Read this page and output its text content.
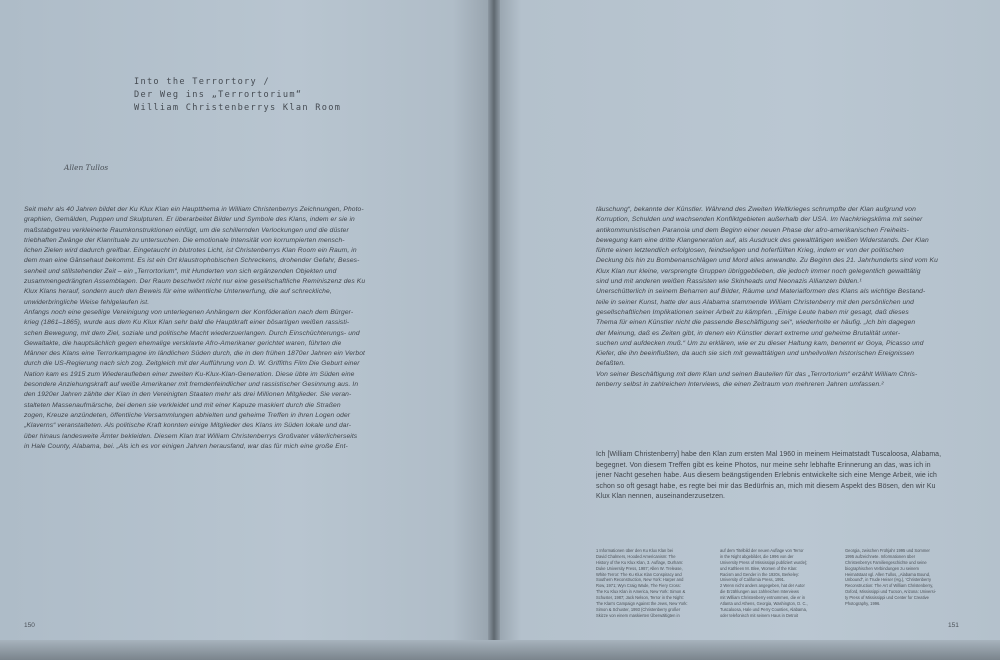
Into the Terrortory /
Der Weg ins „Terrortorium“
William Christenberrys Klan Room
Allen Tullos
Seit mehr als 40 Jahren bildet der Ku Klux Klan ein Hauptthema in William Christenberrys Zeichnungen, Photo-
graphien, Gemälden, Puppen und Skulpturen. Er überarbeitet Bilder und Symbole des Klans, indem er sie in
maßstabgetreu verkleinerte Raumkonstruktionen einfügt, um die schillernden Verlockungen und die düster
triebhaften Zwänge der Klanrituale zu untersuchen. Die emotionale Intensität von korrumpierten mensch-
lichen Zielen wird dadurch greifbar. Eingetaucht in blutrotes Licht, ist Christenberrys Klan Room ein Raum, in
dem man eine Gänsehaut bekommt. Es ist ein Ort klaustrophobischen Schreckens, drohender Gefahr, Beses-
senheit und stillstehender Zeit – ein „Terrortorium“, mit Hunderten von sich ergänzenden Objekten und
zusammengedrängten Assemblagen. Der Raum beschwört nicht nur eine gesellschaftliche Reminiszenz des Ku
Klux Klans herauf, sondern auch den Beweis für eine willentliche Unterwerfung, die auf schreckliche,
unwiderbringliche Weise fehlgelaufen ist.
Anfangs noch eine gesellige Vereinigung von unterlegenen Anhängern der Konföderation nach dem Bürger-
krieg (1861–1865), wurde aus dem Ku Klux Klan sehr bald die Hauptkraft einer bösartigen weißen rassisti-
schen Bewegung, mit dem Ziel, soziale und politische Macht wiederzuerlangen. Durch Einschüchterungs- und
Gewaltakte, die hauptsächlich gegen ehemalige versklavte Afro-Amerikaner gerichtet waren, führten die
Männer des Klans eine Terrorkampagne im ländlichen Süden durch, die in den frühen 1870er Jahren ein Verbot
durch die US-Regierung nach sich zog. Zeitgleich mit der Aufführung von D. W. Griffiths Film Die Geburt einer
Nation kam es 1915 zum Wiederaufleben einer zweiten Ku-Klux-Klan-Generation. Diese übte im Süden eine
besondere Anziehungskraft auf weiße Amerikaner mit fremdenfeindlicher und rassistischer Gesinnung aus. In
den 1920er Jahren zählte der Klan in den Vereinigten Staaten mehr als drei Millionen Mitglieder. Sie veran-
stalteten Massenaufmärsche, bei denen sie verkleidet und mit einer Kapuze maskiert durch die Straßen
zogen, Kreuze anzündeten, öffentliche Versammlungen abhielten und geheime Treffen in ihren Logen oder
„Klaverns“ veranstalteten. Als politische Kraft konnten einige Mitglieder des Klans im Süden lokale und dar-
über hinaus landesweite Ämter bekleiden. Diesem Klan trat William Christenberrys Großvater väterlicherseits
in Hale County, Alabama, bei. „Als ich es vor einigen Jahren herausfand, war das für mich eine große Ent-
150
täuschung“, bekannte der Künstler. Während des Zweiten Weltkrieges schrumpfte der Klan aufgrund von
Korruption, Schulden und wachsenden Konfliktgebieten außerhalb der USA. Im Nachkriegsklima mit seiner
antikommunistischen Paranoia und dem Beginn einer neuen Phase der afro-amerikanischen Freiheits-
bewegung kam eine dritte Klangeneration auf, als Ausdruck des gewalttätigen weißen Widerstands. Der Klan
führte einen letztendlich erfolglosen, feindseligen und hoferfüllten Krieg, indem er von der politischen
Deckung bis hin zu Bombenanschlägen und Mord alles anwandte. Zu Beginn des 21. Jahrhunderts sind vom Ku
Klux Klan nur kleine, versprengte Gruppen übriggeblieben, die jedoch immer noch gelegentlich gewalttätig
sind und mit anderen weißen Rassisten wie Skinheads und Neonazis Allianzen bilden.¹
Unerschütterlich in seinem Beharren auf Bilder, Räume und Materialformen des Klans als wichtige Bestand-
teile in seiner Kunst, hatte der aus Alabama stammende William Christenberry mit den persönlichen und
gesellschaftlichen Implikationen seiner Arbeit zu kämpfen. „Einige Leute haben mir gesagt, daß dieses
Thema für einen Künstler nicht die passende Beschäftigung sei“, wiederholte er häufig. „Ich bin dagegen
der Meinung, daß es Zeiten gibt, in denen ein Künstler derart extreme und geheime Brutalität unter-
suchen und aufdecken muß.“ Um zu erklären, wie er zu dieser Haltung kam, benennt er Goya, Picasso und
Kiefer, die ihn beeinflußten, da auch sie sich mit gewalttätigen und unheilvollen historischen Ereignissen
befaßten.
Von seiner Beschäftigung mit dem Klan und seinen Bauteilen für das „Terrortorium“ erzählt William Chris-
tenberry selbst in zahlreichen Interviews, die einen Zeitraum von mehreren Jahren umfassen.²
Ich [William Christenberry] habe den Klan zum ersten Mal 1960 in meinem Heimatstadt Tuscaloosa, Alabama,
begegnet. Von diesem Treffen gibt es keine Photos, nur meine sehr lebhafte Erinnerung an das, was ich in
jener Nacht gesehen habe. Aus diesem beängstigenden Erlebnis entwickelte sich eine Menge Arbeit, wie ich
schon so oft gesagt habe, es regte bei mir das Bedürfnis an, mich mit diesem Aspekt des Bösen, den wir Ku
Klux Klan nennen, auseinanderzusetzen.
1 Informationen über den Ku Klux Klan bei
David Chalmers, Hooded Americanism: The
History of the Ku Klux Klan, 3. Auflage, Durham:
Duke University Press, 1987; Allen W. Trelease,
White Terror: The Ku Klux Klan Conspiracy and
Southern Reconstruction, New York: Harper and
Row, 1971; Wyn Craig Wade, The Fiery Cross:
The Ku Klux Klan in America, New York: Simon &
Schuster, 1987; Jack Nelson, Terror in the Night:
The Klan's Campaign Against the Jews, New York:
Simon & Schuster, 1993 (Christenberry großer
Skizze von einem maskierten Überwältigten in
auf dem Titelbild der neuen Auflage von Terror
in the Night abgebildet, die 1996 von der
University Press of Mississippi publiziert wurde);
und Kathleen M. Blee, Women of the Klan:
Racism and Gender in the 1920s, Berkeley:
University of California Press, 1991.
2 Wenn nicht anders angegeben, hat der Autor
die Erzählungen aus zahlreichen Interviews
mit William Christenberry entnommen, die er in
Atlanta und Athens, Georgia, Washington, D. C.,
Tuscaloosa, Hale und Perry Counties, Alabama,
oder telefonisch mit seinem Haus in Detroit
Georgia, zwischen Frühjahr 1995 und Sommer
1995 aufzeichnete. Informationen über
Christenberrys Familiengeschichte und seine
biographischen Verbindungen zu seinem
Heimatstaat vgl. Allen Tullos, „Alabama Bound,
Unbound“, in Trude Heiser (Hg.), ‘Christenberry
Reconstruction: The Art of William Christenberry,
Oxford, Mississippi und Tucson, Arizona: Universi-
ty Press of Mississippi und Center for Creative
Photography, 1996.
151
